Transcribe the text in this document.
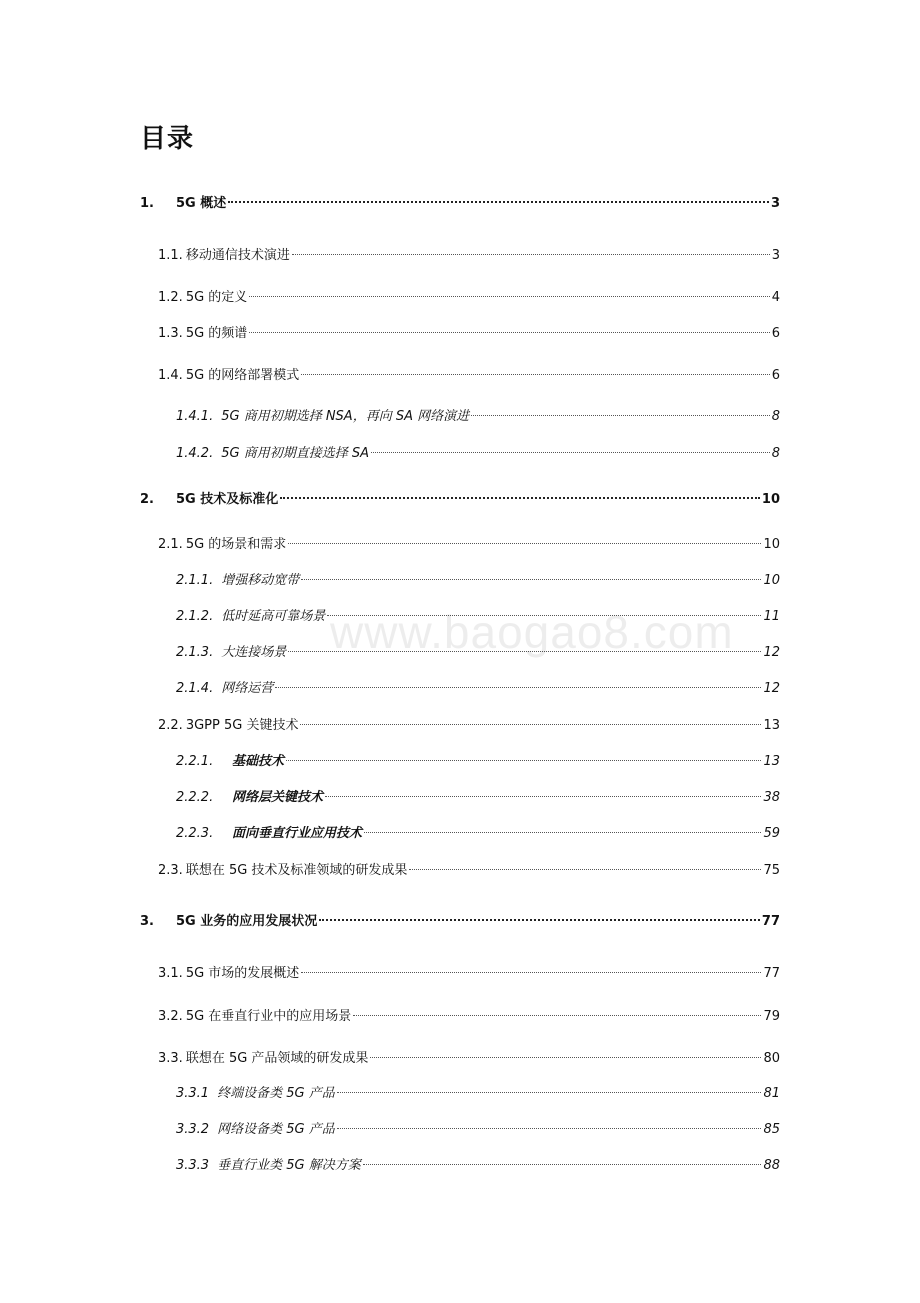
目录
1.	5G 概述	3
1.1. 移动通信技术演进	3
1.2. 5G 的定义	4
1.3. 5G 的频谱	6
1.4. 5G 的网络部署模式	6
1.4.1. 5G 商用初期选择 NSA，再向 SA 网络演进	8
1.4.2. 5G 商用初期直接选择 SA	8
2.	5G 技术及标准化	10
2.1. 5G 的场景和需求	10
2.1.1. 增强移动宽带	10
2.1.2. 低时延高可靠场景	11
2.1.3. 大连接场景	12
2.1.4. 网络运营	12
2.2. 3GPP 5G 关键技术	13
2.2.1.	基础技术	13
2.2.2.	网络层关键技术	38
2.2.3.	面向垂直行业应用技术	59
2.3. 联想在 5G 技术及标准领域的研发成果	75
3.	5G 业务的应用发展状况	77
3.1. 5G 市场的发展概述	77
3.2. 5G 在垂直行业中的应用场景	79
3.3. 联想在 5G 产品领域的研发成果	80
3.3.1 终端设备类 5G 产品	81
3.3.2 网络设备类 5G 产品	85
3.3.3 垂直行业类 5G 解决方案	88
www.baogao8.com
